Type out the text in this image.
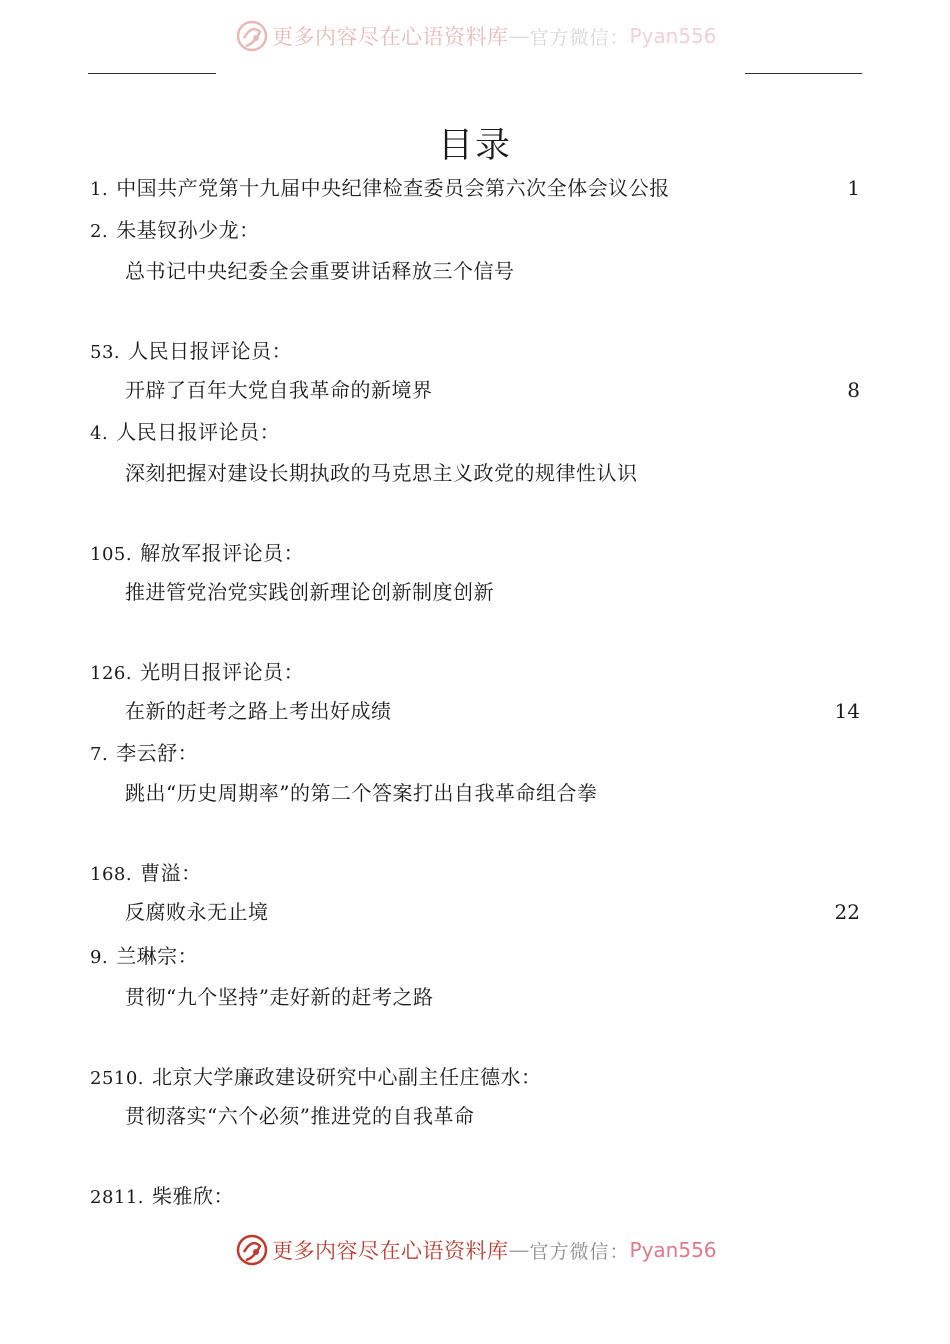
更多内容尽在心语资料库 — 官方微信： Pyan556
目录
1. 中国共产党第十九届中央纪律检查委员会第六次全体会议公报	1
2. 朱基钗孙少龙：
总书记中央纪委全会重要讲话释放三个信号
53. 人民日报评论员：
开辟了百年大党自我革命的新境界	8
4. 人民日报评论员：
深刻把握对建设长期执政的马克思主义政党的规律性认识
105. 解放军报评论员：
推进管党治党实践创新理论创新制度创新
126. 光明日报评论员：
在新的赶考之路上考出好成绩	14
7. 李云舒：
跳出“历史周期率”的第二个答案打出自我革命组合拳
168. 曹溢：
反腐败永无止境	22
9. 兰琳宗：
贯彻“九个坚持”走好新的赶考之路
2510. 北京大学廉政建设研究中心副主任庄德水：
贯彻落实“六个必须”推进党的自我革命
2811. 柴雅欣：
更多内容尽在心语资料库 — 官方微信： Pyan556
